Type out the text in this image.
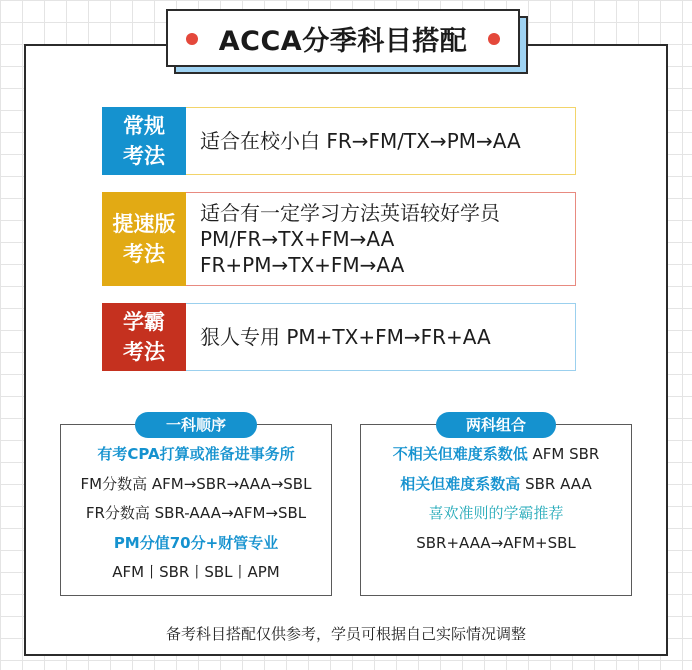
ACCA分季科目搭配
常规
考法
适合在校小白 FR→FM/TX→PM→AA
提速版
考法
适合有一定学习方法英语较好学员
PM/FR→TX+FM→AA
FR+PM→TX+FM→AA
学霸
考法
狠人专用 PM+TX+FM→FR+AA
一科顺序
有考CPA打算或准备进事务所
FM分数高 AFM→SBR→AAA→SBL
FR分数高 SBR-AAA→AFM→SBL
PM分值70分+财管专业
AFM丨SBR丨SBL丨APM
两科组合
不相关但难度系数低 AFM SBR
相关但难度系数高 SBR AAA
喜欢准则的学霸推荐
SBR+AAA→AFM+SBL
备考科目搭配仅供参考，学员可根据自己实际情况调整
